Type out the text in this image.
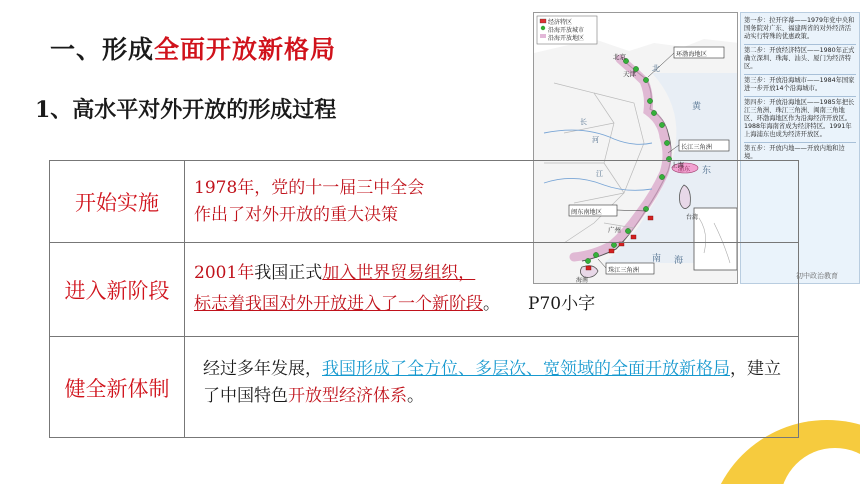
一、形成全面开放新格局
1、高水平对外开放的形成过程
经济特区
沿海开放城市
沿海开放地区
北京
天津
上海
广州
海南
台湾
环渤海地区
长江三角洲
闽东南地区
珠江三角洲
浦东
黄
东
南 海
长
江
北
河
第一步：拉开序幕——1979年党中央和国务院对广东、福建两省的对外经济活动实行特殊的优惠政策。
第二步：开放经济特区——1980年正式确立深圳、珠海、汕头、厦门为经济特区。
第三步：开放沿海城市——1984年国家进一步开放14个沿海城市。
第四步：开放沿海地区——1985年把长江三角洲、珠江三角洲、闽南三角地区、环渤海地区作为沿海经济开放区。1988年海南省成为经济特区。1991年上海浦东也成为经济开放区。
第五步：开放内地——开放内地和边境。
初中政治教育
开始实施
1978年，党的十一届三中全会
作出了对外开放的重大决策
进入新阶段
2001年我国正式加入世界贸易组织，
标志着我国对外开放进入了一个新阶段。 P70小字
健全新体制
经过多年发展，我国形成了全方位、多层次、宽领域的全面开放新格局，建立了中国特色开放型经济体系。
